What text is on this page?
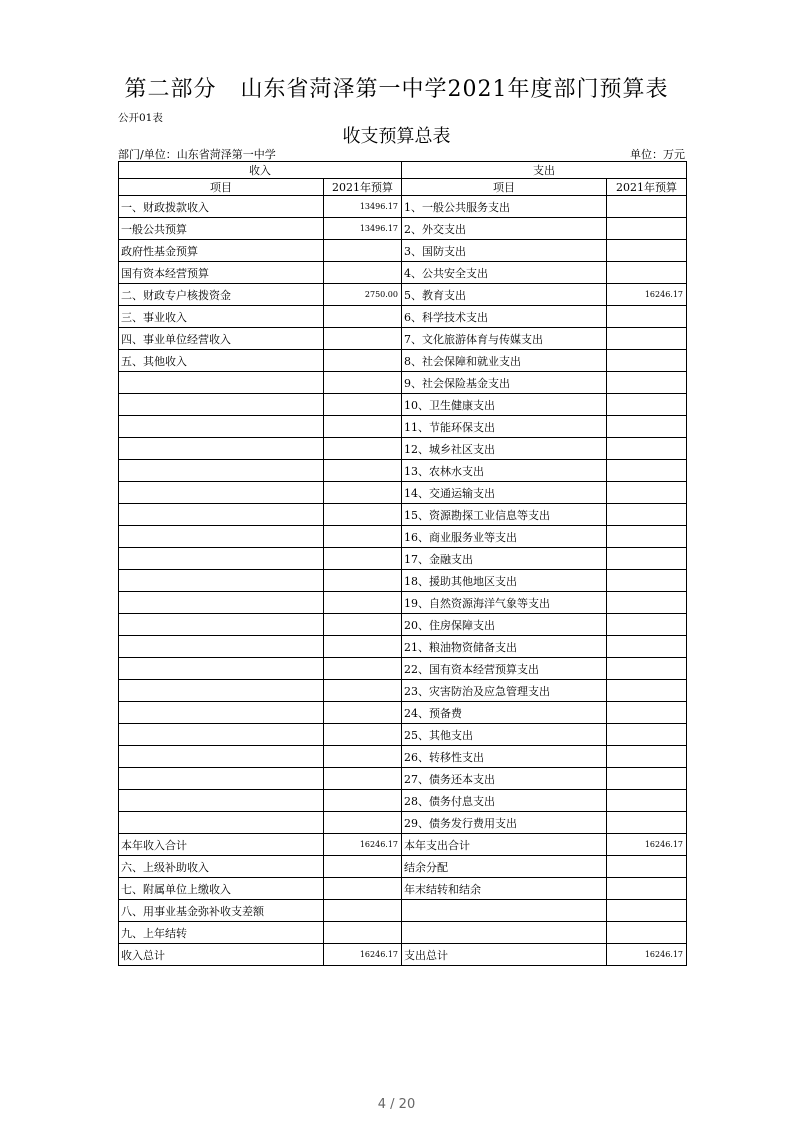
第二部分 山东省菏泽第一中学2021年度部门预算表
公开01表
收支预算总表
部门/单位：山东省菏泽第一中学	单位：万元
收入		支出	
项目	2021年预算	项目	2021年预算
一、财政拨款收入	13496.17	1、一般公共服务支出	
一般公共预算	13496.17	2、外交支出	
政府性基金预算		3、国防支出	
国有资本经营预算		4、公共安全支出	
二、财政专户核拨资金	2750.00	5、教育支出	16246.17
三、事业收入		6、科学技术支出	
四、事业单位经营收入		7、文化旅游体育与传媒支出	
五、其他收入		8、社会保障和就业支出	
		9、社会保险基金支出	
		10、卫生健康支出	
		11、节能环保支出	
		12、城乡社区支出	
		13、农林水支出	
		14、交通运输支出	
		15、资源勘探工业信息等支出	
		16、商业服务业等支出	
		17、金融支出	
		18、援助其他地区支出	
		19、自然资源海洋气象等支出	
		20、住房保障支出	
		21、粮油物资储备支出	
		22、国有资本经营预算支出	
		23、灾害防治及应急管理支出	
		24、预备费	
		25、其他支出	
		26、转移性支出	
		27、债务还本支出	
		28、债务付息支出	
		29、债务发行费用支出	
本年收入合计	16246.17	本年支出合计	16246.17
六、上级补助收入		结余分配	
七、附属单位上缴收入		年末结转和结余	
八、用事业基金弥补收支差额			
九、上年结转			
收入总计	16246.17	支出总计	16246.17
4 / 20
